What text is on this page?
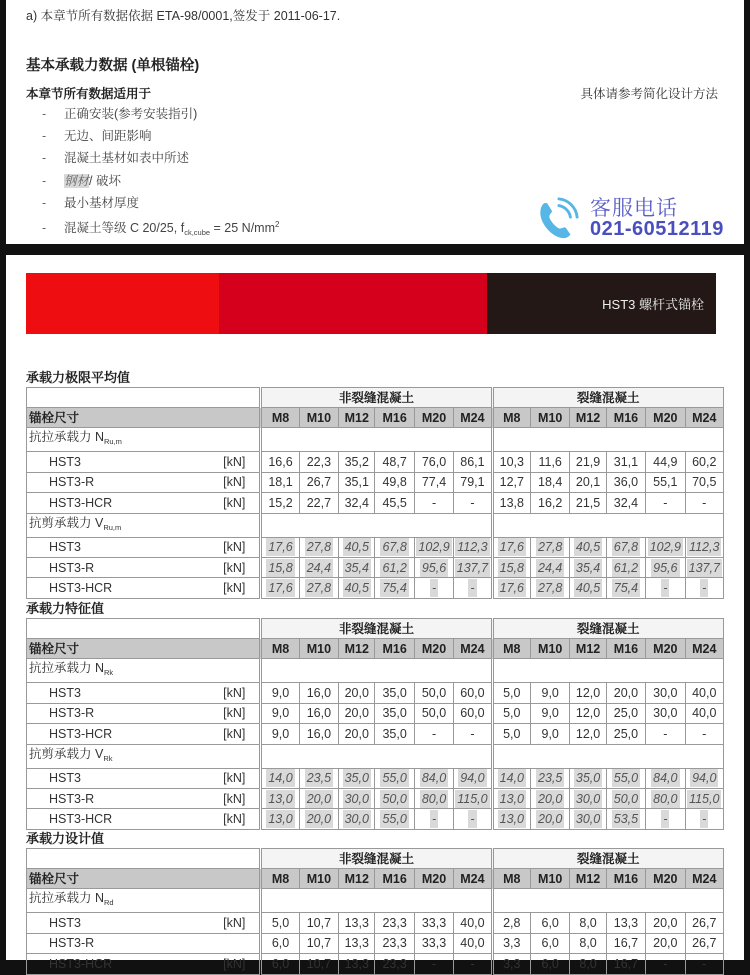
a) 本章节所有数据依据 ETA-98/0001,签发于 2011-06-17.
基本承载力数据 (单根锚栓)
本章节所有数据适用于	具体请参考简化设计方法
- 正确安装(参考安装指引)
- 无边、间距影响
- 混凝土基材如表中所述
- 钢材/ 破坏
- 最小基材厚度
- 混凝土等级 C 20/25, $f_{ck,cube} = 25$ $N/mm^2$
客服电话
021-60512119
HST3 螺杆式锚栓
承载力极限平均值
		非裂缝混凝土						裂缝混凝土					
锚栓尺寸		M8	M10	M12	M16	M20	M24	M8	M10	M12	M16	M20	M24
抗拉承载力 $N_{Ru,m}$		
HST3	[kN]	16,6	22,3	35,2	48,7	76,0	86,1	10,3	11,6	21,9	31,1	44,9	60,2
HST3-R	[kN]	18,1	26,7	35,1	49,8	77,4	79,1	12,7	18,4	20,1	36,0	55,1	70,5
HST3-HCR	[kN]	15,2	22,7	32,4	45,5	-	-	13,8	16,2	21,5	32,4	-	-
抗剪承载力 $V_{Ru,m}$		
HST3	[kN]	17,6	27,8	40,5	67,8	102,9	112,3	17,6	27,8	40,5	67,8	102,9	112,3
HST3-R	[kN]	15,8	24,4	35,4	61,2	95,6	137,7	15,8	24,4	35,4	61,2	95,6	137,7
HST3-HCR	[kN]	17,6	27,8	40,5	75,4	-	-	17,6	27,8	40,5	75,4	-	-
承载力特征值
		非裂缝混凝土						裂缝混凝土					
锚栓尺寸		M8	M10	M12	M16	M20	M24	M8	M10	M12	M16	M20	M24
抗拉承载力 $N_{Rk}$		
HST3	[kN]	9,0	16,0	20,0	35,0	50,0	60,0	5,0	9,0	12,0	20,0	30,0	40,0
HST3-R	[kN]	9,0	16,0	20,0	35,0	50,0	60,0	5,0	9,0	12,0	25,0	30,0	40,0
HST3-HCR	[kN]	9,0	16,0	20,0	35,0	-	-	5,0	9,0	12,0	25,0	-	-
抗剪承载力 $V_{Rk}$		
HST3	[kN]	14,0	23,5	35,0	55,0	84,0	94,0	14,0	23,5	35,0	55,0	84,0	94,0
HST3-R	[kN]	13,0	20,0	30,0	50,0	80,0	115,0	13,0	20,0	30,0	50,0	80,0	115,0
HST3-HCR	[kN]	13,0	20,0	30,0	55,0	-	-	13,0	20,0	30,0	53,5	-	-
承载力设计值
		非裂缝混凝土						裂缝混凝土					
锚栓尺寸		M8	M10	M12	M16	M20	M24	M8	M10	M12	M16	M20	M24
抗拉承载力 $N_{Rd}$		
HST3	[kN]	5,0	10,7	13,3	23,3	33,3	40,0	2,8	6,0	8,0	13,3	20,0	26,7
HST3-R		6,0	10,7	13,3	23,3	33,3	40,0	3,3	6,0	8,0	16,7	20,0	26,7
HST3-HCR	[kN]	6,0	10,7	13,3	23,3	-	-	3,3	6,0	8,0	16,7	-	-
